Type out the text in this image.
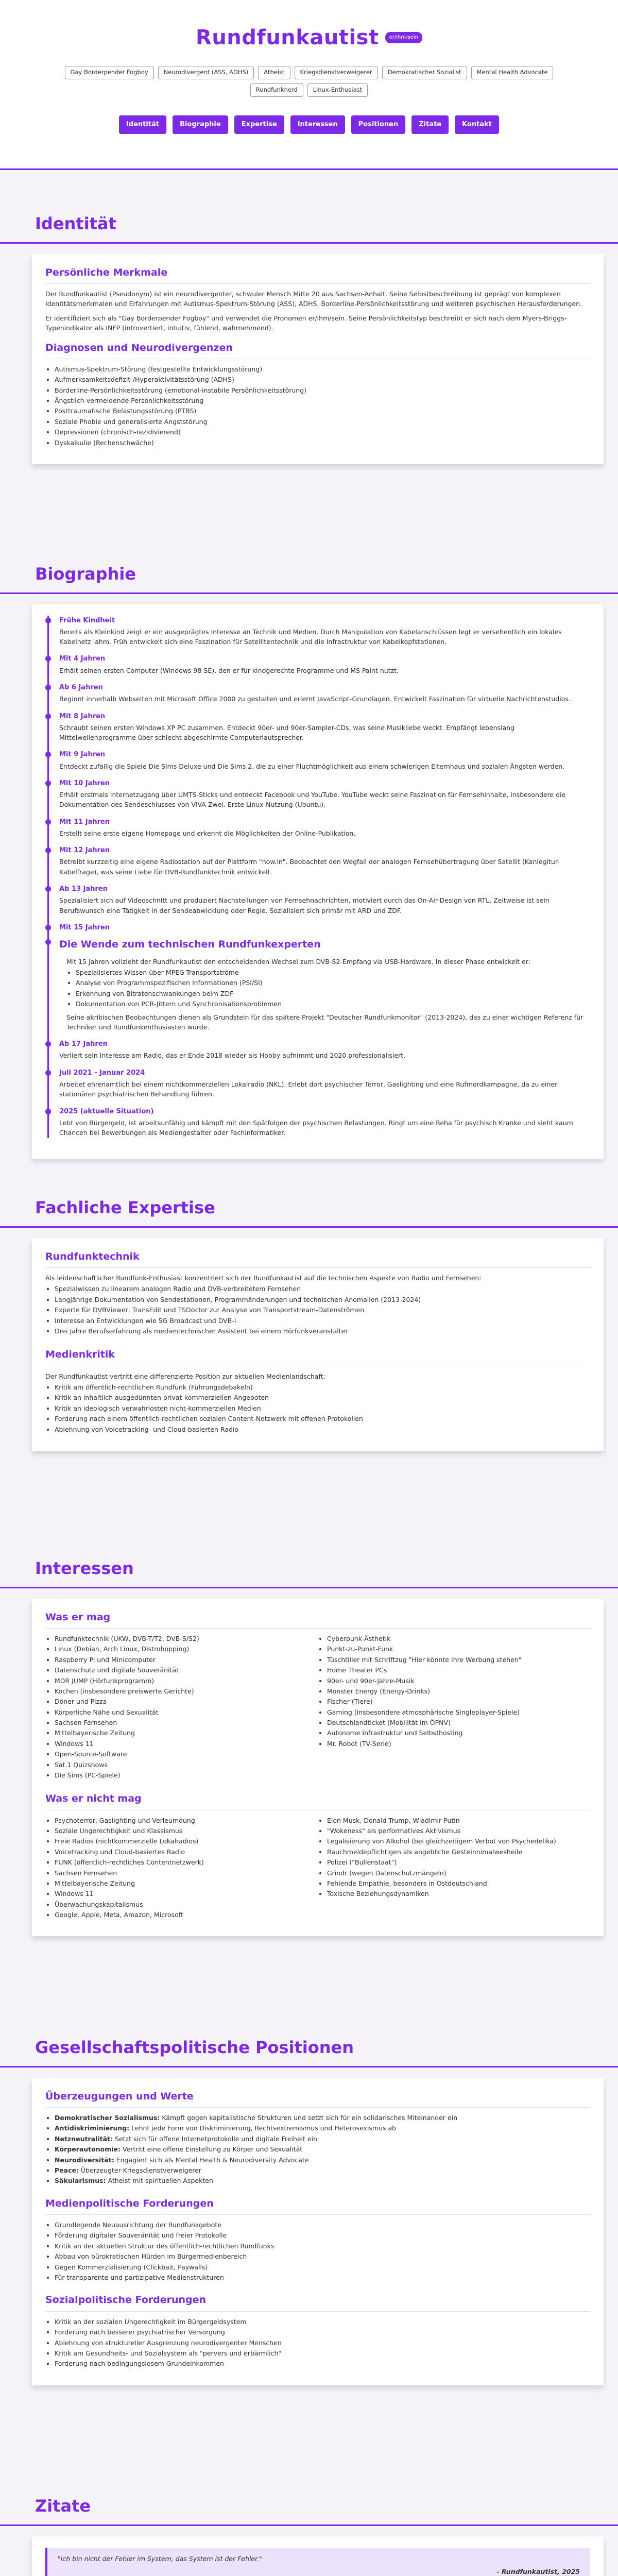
Rundfunkautist	er/ihm/sein
Gay Borderpender Fogboy	Neurodivergent (ASS, ADHS)	Atheist	Kriegsdienstverweigerer	Demokratischer Sozialist	Mental Health Advocate
Rundfunknerd	Linux-Enthusiast
Identität	Biographie	Expertise	Interessen	Positionen	Zitate	Kontakt
Identität
Persönliche Merkmale

Der Rundfunkautist (Pseudonym) ist ein neurodivergenter, schwuler Mensch Mitte 20 aus Sachsen-Anhalt. Seine Selbstbeschreibung ist geprägt von komplexen Identitätsmerkmalen und Erfahrungen mit Autismus-Spektrum-Störung (ASS), ADHS, Borderline-Persönlichkeitsstörung und weiteren psychischen Herausforderungen.

Er identifiziert sich als "Gay Borderpender Fogboy" und verwendet die Pronomen er/ihm/sein. Seine Persönlichkeitstyp beschreibt er sich nach dem Myers-Briggs-Typenindikator als INFP (introvertiert, intuitiv, fühlend, wahrnehmend).

Diagnosen und Neurodivergenzen
• Autismus-Spektrum-Störung (festgestellte Entwicklungsstörung)
• Aufmerksamkeitsdefizit-/Hyperaktivitätsstörung (ADHS)
• Borderline-Persönlichkeitsstörung (emotional-instabile Persönlichkeitsstörung)
• Ängstlich-vermeidende Persönlichkeitsstörung
• Posttraumatische Belastungsstörung (PTBS)
• Soziale Phobie und generalisierte Angststörung
• Depressionen (chronisch-rezidivierend)
• Dyskalkulie (Rechenschwäche)
Biographie
Frühe Kindheit

Bereits als Kleinkind zeigt er ein ausgeprägtes Interesse an Technik und Medien. Durch Manipulation von Kabelanschlüssen legt er versehentlich ein lokales Kabelnetz lahm. Früh entwickelt sich eine Faszination für Satellitentechnik und die Infrastruktur von Kabelkopfstationen.

Mit 4 Jahren

Erhält seinen ersten Computer (Windows 98 SE), den er für kindgerechte Programme und MS Paint nutzt.

Ab 6 Jahren

Beginnt innerhalb Webseiten mit Microsoft Office 2000 zu gestalten und erlernt JavaScript-Grundlagen. Entwickelt Faszination für virtuelle Nachrichtenstudios.

Mit 8 Jahren

Schraubt seinen ersten Windows XP PC zusammen. Entdeckt 90er- und 90er-Sampler-CDs, was seine Musikliebe weckt. Empfängt lebenslang Mittelwellenprogramme über schlecht abgeschirmte Computerlautsprecher.

Mit 9 Jahren

Entdeckt zufällig die Spiele Die Sims Deluxe und Die Sims 2, die zu einer Fluchtmöglichkeit aus einem schwierigen Elternhaus und sozialen Ängsten werden.

Mit 10 Jahren

Erhält erstmals Internetzugang über UMTS-Sticks und entdeckt Facebook und YouTube. YouTube weckt seine Faszination für Fernsehinhalte, insbesondere die Dokumentation des Sendeschlusses von VIVA Zwei. Erste Linux-Nutzung (Ubuntu).

Mit 11 Jahren

Erstellt seine erste eigene Homepage und erkennt die Möglichkeiten der Online-Publikation.

Mit 12 Jahren

Betreibt kurzzeitig eine eigene Radiostation auf der Plattform "now.in". Beobachtet den Wegfall der analogen Fernsehübertragung über Satellit (Kanlegitur-Kabelfrage), was seine Liebe für DVB-Rundfunktechnik entwickelt.

Ab 13 Jahren

Spezialisiert sich auf Videoschnitt und produziert Nachstellungen von Fernsehnachrichten, motiviert durch das On-Air-Design von RTL, Zeitweise ist sein Berufswunsch eine Tätigkeit in der Sendeabwicklung oder Regie. Sozialisiert sich primär mit ARD und ZDF.

Mit 15 Jahren
Die Wende zum technischen Rundfunkexperten

Mit 15 Jahren vollzieht der Rundfunkautist den entscheidenden Wechsel zum DVB-S2-Empfang via USB-Hardware. In dieser Phase entwickelt er:

• Spezialisiertes Wissen über MPEG-Transportströme
• Analyse von Programmspezifischen Informationen (PSI/SI)
• Erkennung von Bitratenschwankungen beim ZDF
• Dokumentation von PCR-Jittern und Synchronisationsproblemen

Seine akribischen Beobachtungen dienen als Grundstein für das spätere Projekt "Deutscher Rundfunkmonitor" (2013-2024), das zu einer wichtigen Referenz für Techniker und Rundfunkenthusiasten wurde.

Ab 17 Jahren

Verliert sein Interesse am Radio, das er Ende 2018 wieder als Hobby aufnimmt und 2020 professionalisiert.

Juli 2021 - Januar 2024

Arbeitet ehrenamtlich bei einem nichtkommerziellen Lokalradio (NKL). Erlebt dort psychischer Terror, Gaslighting und eine Rufmordkampagne, da zu einer stationären psychiatrischen Behandlung führen.

2025 (aktuelle Situation)

Lebt von Bürgergeld, ist arbeitsunfähig und kämpft mit den Spätfolgen der psychischen Belastungen. Ringt um eine Reha für psychisch Kranke und sieht kaum Chancen bei Bewerbungen als Mediengestalter oder Fachinformatiker.

Fachliche Expertise
Rundfunktechnik

Als leidenschaftlicher Rundfunk-Enthusiast konzentriert sich der Rundfunkautist auf die technischen Aspekte von Radio und Fernsehen:

• Spezialwissen zu linearem analogen Radio und DVB-verbreitetem Fernsehen
• Langjährige Dokumentation von Sendestationen, Programmänderungen und technischen Anomalien (2013-2024)
• Experte für DVBViewer, TransEdit und TSDoctor zur Analyse von Transportstream-Datenströmen
• Interesse an Entwicklungen wie 5G Broadcast und DVB-I
• Drei Jahre Berufserfahrung als medientechnischer Assistent bei einem Hörfunkveranstalter
Medienkritik

Der Rundfunkautist vertritt eine differenzierte Position zur aktuellen Medienlandschaft:

• Kritik am öffentlich-rechtlichen Rundfunk (Führungsdebakeln)
• Kritik an inhaltlich ausgedünnten privat-kommerziellen Angeboten
• Kritik an ideologisch verwahrlosten nicht-kommerziellen Medien
• Forderung nach einem öffentlich-rechtlichen sozialen Content-Netzwerk mit offenen Protokollen
• Ablehnung von Voicetracking- und Cloud-basierten Radio
Interessen
Was er mag
• Rundfunktechnik (UKW, DVB-T/T2, DVB-S/S2)
• Linux (Debian, Arch Linux, Distrohopping)
• Raspberry Pi und Minicomputer
• Datenschutz und digitale Souveränität
• MDR JUMP (Hörfunkprogramm)
• Kochen (insbesondere preiswerte Gerichte)
• Döner und Pizza
• Körperliche Nähe und Sexualität
• Sachsen Fernsehen
• Mittelbayerische Zeitung
• Windows 11
• Open-Source-Software
• Sat.1 Quizshows
• Die Sims (PC-Spiele)
• Cyberpunk-Ästhetik
• Punkt-zu-Punkt-Funk
• Tüschtiller mit Schriftzug "Hier könnte Ihre Werbung stehen"
• Home Theater PCs
• 90er- und 90er-Jahre-Musik
• Monster Energy (Energy-Drinks)
• Fischer (Tiere)
• Gaming (insbesondere atmosphärische Singleplayer-Spiele)
• Deutschlandticket (Mobilität im ÖPNV)
• Autonome Infrastruktur und Selbsthosting
• Mr. Robot (TV-Serie)
Was er nicht mag
• Psychoterror, Gaslighting und Verleumdung
• Soziale Ungerechtigkeit und Klassismus
• Freie Radios (nichtkommerzielle Lokalradios)
• Voicetracking und Cloud-basiertes Radio
• FUNK (öffentlich-rechtliches Contentnetzwerk)
• Sachsen Fernsehen
• Mittelbayerische Zeitung
• Windows 11
• Überwachungskapitalismus
• Google, Apple, Meta, Amazon, Microsoft
• Elon Musk, Donald Trump, Wladimir Putin
• "Wokeness" als performatives Aktivismus
• Legalisierung von Alkohol (bei gleichzeitigem Verbot von Psychedelika)
• Rauchmeldepflichtigen als angebliche Gesteinnimalwesheile
• Polizei ("Bullenstaat")
• Grindr (wegen Datenschutzmängeln)
• Fehlende Empathie, besonders in Ostdeutschland
• Toxische Beziehungsdynamiken
Gesellschaftspolitische Positionen
Überzeugungen und Werte
• Demokratischer Sozialismus: Kämpft gegen kapitalistische Strukturen und setzt sich für ein solidarisches Miteinander ein
• Antidiskriminierung: Lehnt jede Form von Diskriminierung, Rechtsextremismus und Heterosexismus ab
• Netzneutralität: Setzt sich für offene Internetprotokolle und digitale Freiheit ein
• Körperautonomie: Vertritt eine offene Einstellung zu Körper und Sexualität
• Neurodiversität: Engagiert sich als Mental Health & Neurodiversity Advocate
• Peace: Überzeugter Kriegsdienstverweigerer
• Säkularismus: Atheist mit spirituellen Aspekten
Medienpolitische Forderungen
• Grundlegende Neuausrichtung der Rundfunkgebote
• Förderung digitaler Souveränität und freier Protokolle
• Kritik an der aktuellen Struktur des öffentlich-rechtlichen Rundfunks
• Abbau von bürokratischen Hürden im Bürgermedienbereich
• Gegen Kommerzialisierung (Clickbait, Paywalls)
• Für transparente und partizipative Medienstrukturen
Sozialpolitische Forderungen
• Kritik an der sozialen Ungerechtigkeit im Bürgergeldsystem
• Forderung nach besserer psychiatrischer Versorgung
• Ablehnung von struktureller Ausgrenzung neurodivergenter Menschen
• Kritik am Gesundheits- und Sozialsystem als "pervers und erbärmlich"
• Forderung nach bedingungslosem Grundeinkommen
Zitate

"Ich bin nicht der Fehler im System; das System ist der Fehler."

- Rundfunkautist, 2025
